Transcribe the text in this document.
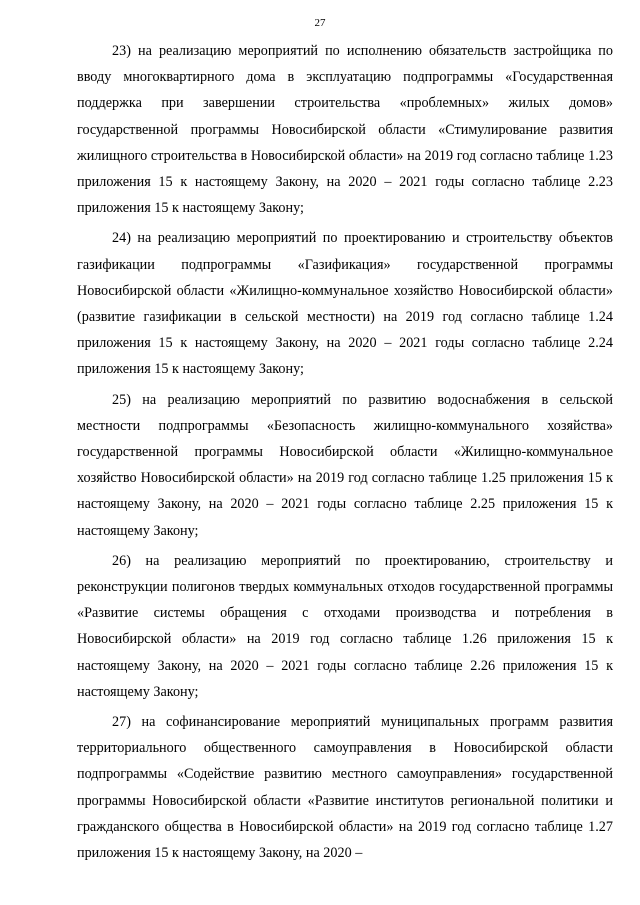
27

23) на реализацию мероприятий по исполнению обязательств застройщика по вводу многоквартирного дома в эксплуатацию подпрограммы «Государственная поддержка при завершении строительства «проблемных» жилых домов» государственной программы Новосибирской области «Стимулирование развития жилищного строительства в Новосибирской области» на 2019 год согласно таблице 1.23 приложения 15 к настоящему Закону, на 2020 – 2021 годы согласно таблице 2.23 приложения 15 к настоящему Закону;

24) на реализацию мероприятий по проектированию и строительству объектов газификации подпрограммы «Газификация» государственной программы Новосибирской области «Жилищно-коммунальное хозяйство Новосибирской области» (развитие газификации в сельской местности) на 2019 год согласно таблице 1.24 приложения 15 к настоящему Закону, на 2020 – 2021 годы согласно таблице 2.24 приложения 15 к настоящему Закону;

25) на реализацию мероприятий по развитию водоснабжения в сельской местности подпрограммы «Безопасность жилищно-коммунального хозяйства» государственной программы Новосибирской области «Жилищно-коммунальное хозяйство Новосибирской области» на 2019 год согласно таблице 1.25 приложения 15 к настоящему Закону, на 2020 – 2021 годы согласно таблице 2.25 приложения 15 к настоящему Закону;

26) на реализацию мероприятий по проектированию, строительству и реконструкции полигонов твердых коммунальных отходов государственной программы «Развитие системы обращения с отходами производства и потребления в Новосибирской области» на 2019 год согласно таблице 1.26 приложения 15 к настоящему Закону, на 2020 – 2021 годы согласно таблице 2.26 приложения 15 к настоящему Закону;

27) на софинансирование мероприятий муниципальных программ развития территориального общественного самоуправления в Новосибирской области подпрограммы «Содействие развитию местного самоуправления» государственной программы Новосибирской области «Развитие институтов региональной политики и гражданского общества в Новосибирской области» на 2019 год согласно таблице 1.27 приложения 15 к настоящему Закону, на 2020 –
